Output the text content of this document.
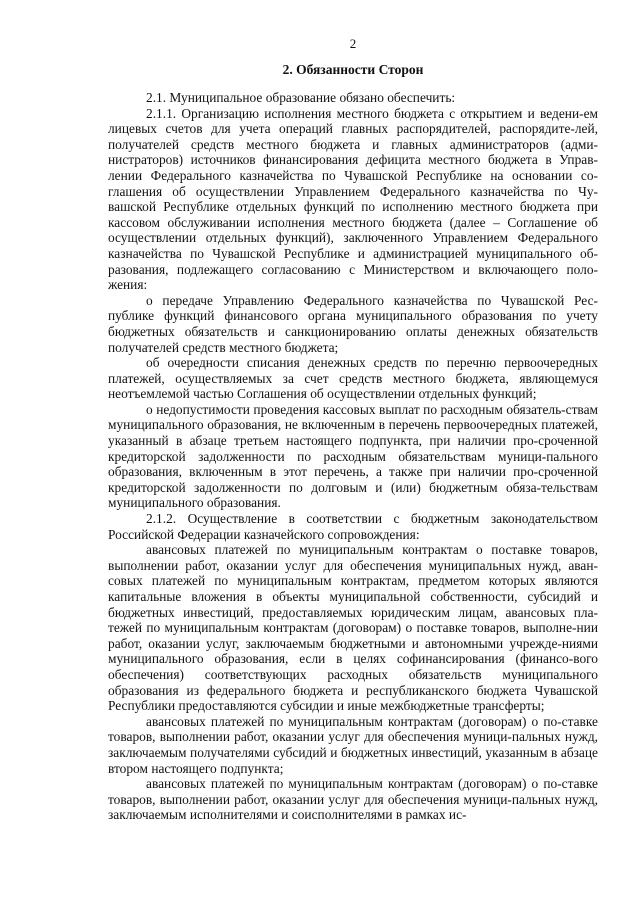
2
2. Обязанности Сторон

2.1. Муниципальное образование обязано обеспечить:

2.1.1. Организацию исполнения местного бюджета с открытием и ведени-ем лицевых счетов для учета операций главных распорядителей, распорядите-лей, получателей средств местного бюджета и главных администраторов (адми-нистраторов) источников финансирования дефицита местного бюджета в Управ-лении Федерального казначейства по Чувашской Республике на основании со-глашения об осуществлении Управлением Федерального казначейства по Чу-вашской Республике отдельных функций по исполнению местного бюджета при кассовом обслуживании исполнения местного бюджета (далее – Соглашение об осуществлении отдельных функций), заключенного Управлением Федерального казначейства по Чувашской Республике и администрацией муниципального об-разования, подлежащего согласованию с Министерством и включающего поло-жения:

о передаче Управлению Федерального казначейства по Чувашской Рес-публике функций финансового органа муниципального образования по учету бюджетных обязательств и санкционированию оплаты денежных обязательств получателей средств местного бюджета;

об очередности списания денежных средств по перечню первоочередных платежей, осуществляемых за счет средств местного бюджета, являющемуся неотъемлемой частью Соглашения об осуществлении отдельных функций;

о недопустимости проведения кассовых выплат по расходным обязатель-ствам муниципального образования, не включенным в перечень первоочередных платежей, указанный в абзаце третьем настоящего подпункта, при наличии про-сроченной кредиторской задолженности по расходным обязательствам муници-пального образования, включенным в этот перечень, а также при наличии про-сроченной кредиторской задолженности по долговым и (или) бюджетным обяза-тельствам муниципального образования.

2.1.2. Осуществление в соответствии с бюджетным законодательством Российской Федерации казначейского сопровождения:

авансовых платежей по муниципальным контрактам о поставке товаров, выполнении работ, оказании услуг для обеспечения муниципальных нужд, аван-совых платежей по муниципальным контрактам, предметом которых являются капитальные вложения в объекты муниципальной собственности, субсидий и бюджетных инвестиций, предоставляемых юридическим лицам, авансовых пла-тежей по муниципальным контрактам (договорам) о поставке товаров, выполне-нии работ, оказании услуг, заключаемым бюджетными и автономными учрежде-ниями муниципального образования, если в целях софинансирования (финансо-вого обеспечения) соответствующих расходных обязательств муниципального образования из федерального бюджета и республиканского бюджета Чувашской Республики предоставляются субсидии и иные межбюджетные трансферты;

авансовых платежей по муниципальным контрактам (договорам) о по-ставке товаров, выполнении работ, оказании услуг для обеспечения муници-пальных нужд, заключаемым получателями субсидий и бюджетных инвестиций, указанным в абзаце втором настоящего подпункта;

авансовых платежей по муниципальным контрактам (договорам) о по-ставке товаров, выполнении работ, оказании услуг для обеспечения муници-пальных нужд, заключаемым исполнителями и соисполнителями в рамках ис-
